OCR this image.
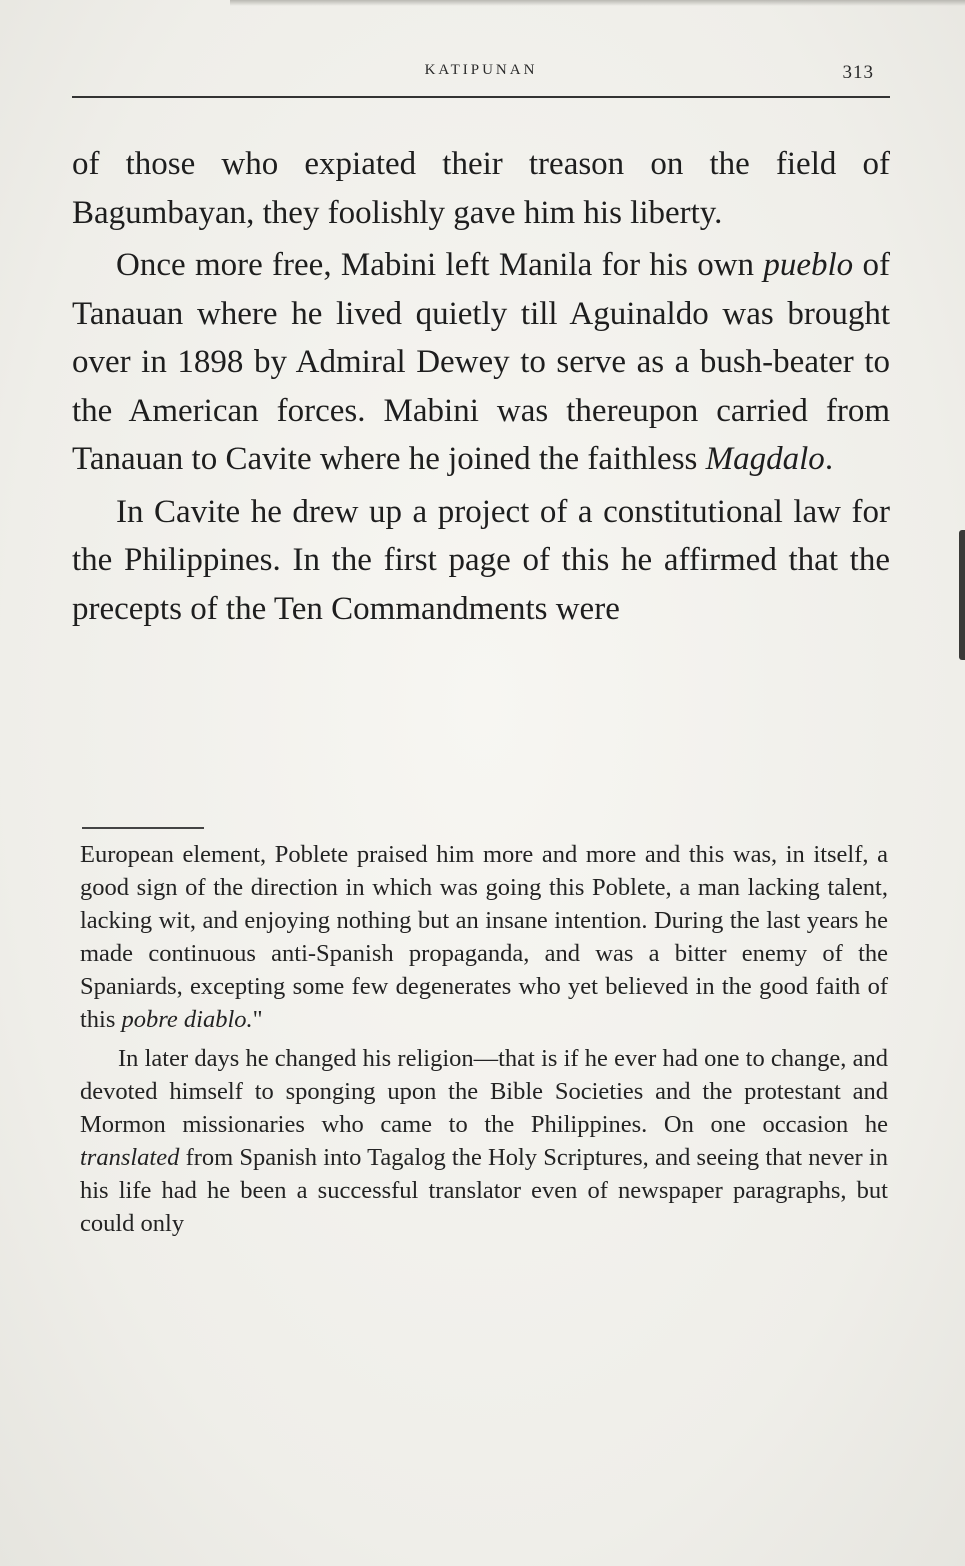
KATIPUNAN	313

of those who expiated their treason on the field of Bagumbayan, they foolishly gave him his liberty.

Once more free, Mabini left Manila for his own pueblo of Tanauan where he lived quietly till Aguinaldo was brought over in 1898 by Admiral Dewey to serve as a bush-beater to the American forces. Mabini was thereupon carried from Tanauan to Cavite where he joined the faithless Magdalo.

In Cavite he drew up a project of a constitutional law for the Philippines. In the first page of this he affirmed that the precepts of the Ten Commandments were

European element, Poblete praised him more and more and this was, in itself, a good sign of the direction in which was going this Poblete, a man lacking talent, lacking wit, and enjoying nothing but an insane intention. During the last years he made continuous anti-Spanish propaganda, and was a bitter enemy of the Spaniards, excepting some few degenerates who yet believed in the good faith of this pobre diablo."

In later days he changed his religion—that is if he ever had one to change, and devoted himself to sponging upon the Bible Societies and the protestant and Mormon missionaries who came to the Philippines. On one occasion he translated from Spanish into Tagalog the Holy Scriptures, and seeing that never in his life had he been a successful translator even of newspaper paragraphs, but could only
